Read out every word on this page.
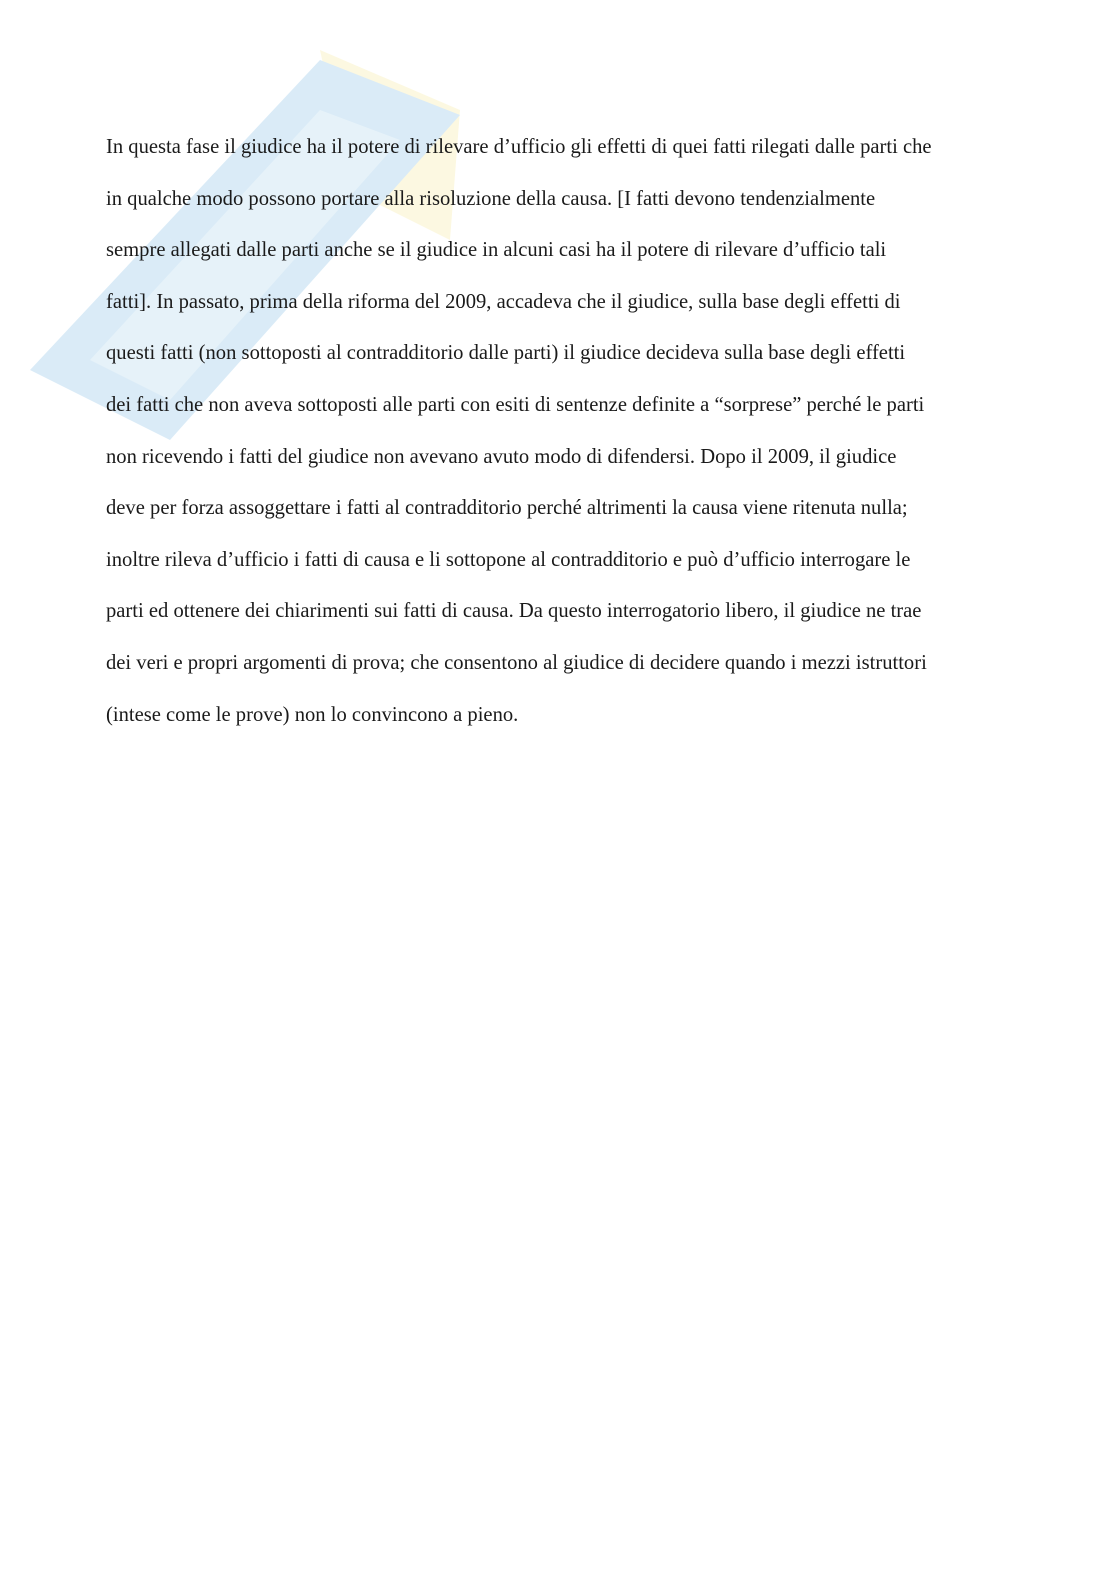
In questa fase il giudice ha il potere di rilevare d’ufficio gli effetti di quei fatti rilegati dalle parti che
in qualche modo possono portare alla risoluzione della causa. [I fatti devono tendenzialmente
sempre allegati dalle parti anche se il giudice in alcuni casi ha il potere di rilevare d’ufficio tali
fatti]. In passato, prima della riforma del 2009, accadeva che il giudice, sulla base degli effetti di
questi fatti (non sottoposti al contradditorio dalle parti) il giudice decideva sulla base degli effetti
dei fatti che non aveva sottoposti alle parti con esiti di sentenze definite a “sorprese” perché le parti
non ricevendo i fatti del giudice non avevano avuto modo di difendersi. Dopo il 2009, il giudice
deve per forza assoggettare i fatti al contradditorio perché altrimenti la causa viene ritenuta nulla;
inoltre rileva d’ufficio i fatti di causa e li sottopone al contradditorio e può d’ufficio interrogare le
parti ed ottenere dei chiarimenti sui fatti di causa. Da questo interrogatorio libero, il giudice ne trae
dei veri e propri argomenti di prova; che consentono al giudice di decidere quando i mezzi istruttori
(intese come le prove) non lo convincono a pieno.
